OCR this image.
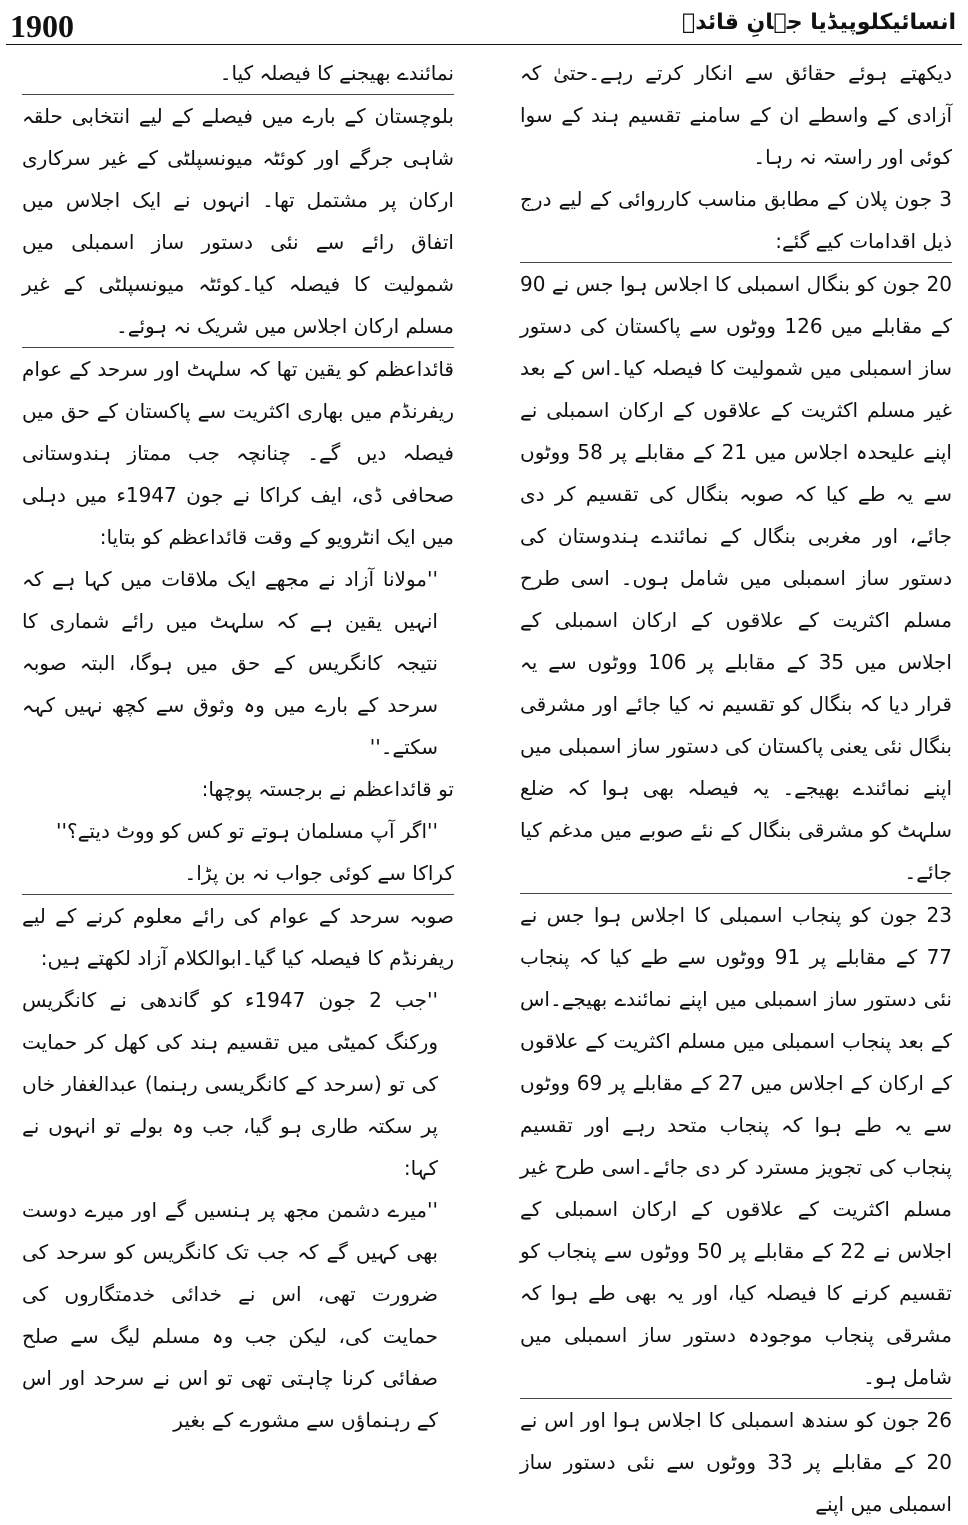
1900	انسائیکلوپیڈیا جہانِ قائدؒ

دیکھتے ہوئے حقائق سے انکار کرتے رہے۔حتیٰ کہ آزادی کے واسطے ان کے سامنے تقسیم ہند کے سوا کوئی اور راستہ نہ رہا۔

3 جون پلان کے مطابق مناسب کارروائی کے لیے درج ذیل اقدامات کیے گئے:

20 جون کو بنگال اسمبلی کا اجلاس ہوا جس نے 90 کے مقابلے میں 126 ووٹوں سے پاکستان کی دستور ساز اسمبلی میں شمولیت کا فیصلہ کیا۔اس کے بعد غیر مسلم اکثریت کے علاقوں کے ارکان اسمبلی نے اپنے علیحدہ اجلاس میں 21 کے مقابلے پر 58 ووٹوں سے یہ طے کیا کہ صوبہ بنگال کی تقسیم کر دی جائے، اور مغربی بنگال کے نمائندے ہندوستان کی دستور ساز اسمبلی میں شامل ہوں۔ اسی طرح مسلم اکثریت کے علاقوں کے ارکان اسمبلی کے اجلاس میں 35 کے مقابلے پر 106 ووٹوں سے یہ قرار دیا کہ بنگال کو تقسیم نہ کیا جائے اور مشرقی بنگال نئی یعنی پاکستان کی دستور ساز اسمبلی میں اپنے نمائندے بھیجے۔ یہ فیصلہ بھی ہوا کہ ضلع سلہٹ کو مشرقی بنگال کے نئے صوبے میں مدغم کیا جائے۔

23 جون کو پنجاب اسمبلی کا اجلاس ہوا جس نے 77 کے مقابلے پر 91 ووٹوں سے طے کیا کہ پنجاب نئی دستور ساز اسمبلی میں اپنے نمائندے بھیجے۔اس کے بعد پنجاب اسمبلی میں مسلم اکثریت کے علاقوں کے ارکان کے اجلاس میں 27 کے مقابلے پر 69 ووٹوں سے یہ طے ہوا کہ پنجاب متحد رہے اور تقسیم پنجاب کی تجویز مسترد کر دی جائے۔اسی طرح غیر مسلم اکثریت کے علاقوں کے ارکان اسمبلی کے اجلاس نے 22 کے مقابلے پر 50 ووٹوں سے پنجاب کو تقسیم کرنے کا فیصلہ کیا، اور یہ بھی طے ہوا کہ مشرقی پنجاب موجودہ دستور ساز اسمبلی میں شامل ہو۔

26 جون کو سندھ اسمبلی کا اجلاس ہوا اور اس نے 20 کے مقابلے پر 33 ووٹوں سے نئی دستور ساز اسمبلی میں اپنے

نمائندے بھیجنے کا فیصلہ کیا۔

بلوچستان کے بارے میں فیصلے کے لیے انتخابی حلقہ شاہی جرگے اور کوئٹہ میونسپلٹی کے غیر سرکاری ارکان پر مشتمل تھا۔ انہوں نے ایک اجلاس میں اتفاق رائے سے نئی دستور ساز اسمبلی میں شمولیت کا فیصلہ کیا۔کوئٹہ میونسپلٹی کے غیر مسلم ارکان اجلاس میں شریک نہ ہوئے۔

قائداعظم کو یقین تھا کہ سلہٹ اور سرحد کے عوام ریفرنڈم میں بھاری اکثریت سے پاکستان کے حق میں فیصلہ دیں گے۔ چنانچہ جب ممتاز ہندوستانی صحافی ڈی، ایف کراکا نے جون 1947ء میں دہلی میں ایک انٹرویو کے وقت قائداعظم کو بتایا:

''مولانا آزاد نے مجھے ایک ملاقات میں کہا ہے کہ انہیں یقین ہے کہ سلہٹ میں رائے شماری کا نتیجہ کانگریس کے حق میں ہوگا، البتہ صوبہ سرحد کے بارے میں وہ وثوق سے کچھ نہیں کہہ سکتے۔''

تو قائداعظم نے برجستہ پوچھا:

''اگر آپ مسلمان ہوتے تو کس کو ووٹ دیتے؟''

کراکا سے کوئی جواب نہ بن پڑا۔

صوبہ سرحد کے عوام کی رائے معلوم کرنے کے لیے ریفرنڈم کا فیصلہ کیا گیا۔ابوالکلام آزاد لکھتے ہیں:

''جب 2 جون 1947ء کو گاندھی نے کانگریس ورکنگ کمیٹی میں تقسیم ہند کی کھل کر حمایت کی تو (سرحد کے کانگریسی رہنما) عبدالغفار خاں پر سکتہ طاری ہو گیا، جب وہ بولے تو انہوں نے کہا:

''میرے دشمن مجھ پر ہنسیں گے اور میرے دوست بھی کہیں گے کہ جب تک کانگریس کو سرحد کی ضرورت تھی، اس نے خدائی خدمتگاروں کی حمایت کی، لیکن جب وہ مسلم لیگ سے صلح صفائی کرنا چاہتی تھی تو اس نے سرحد اور اس کے رہنماؤں سے مشورے کے بغیر
